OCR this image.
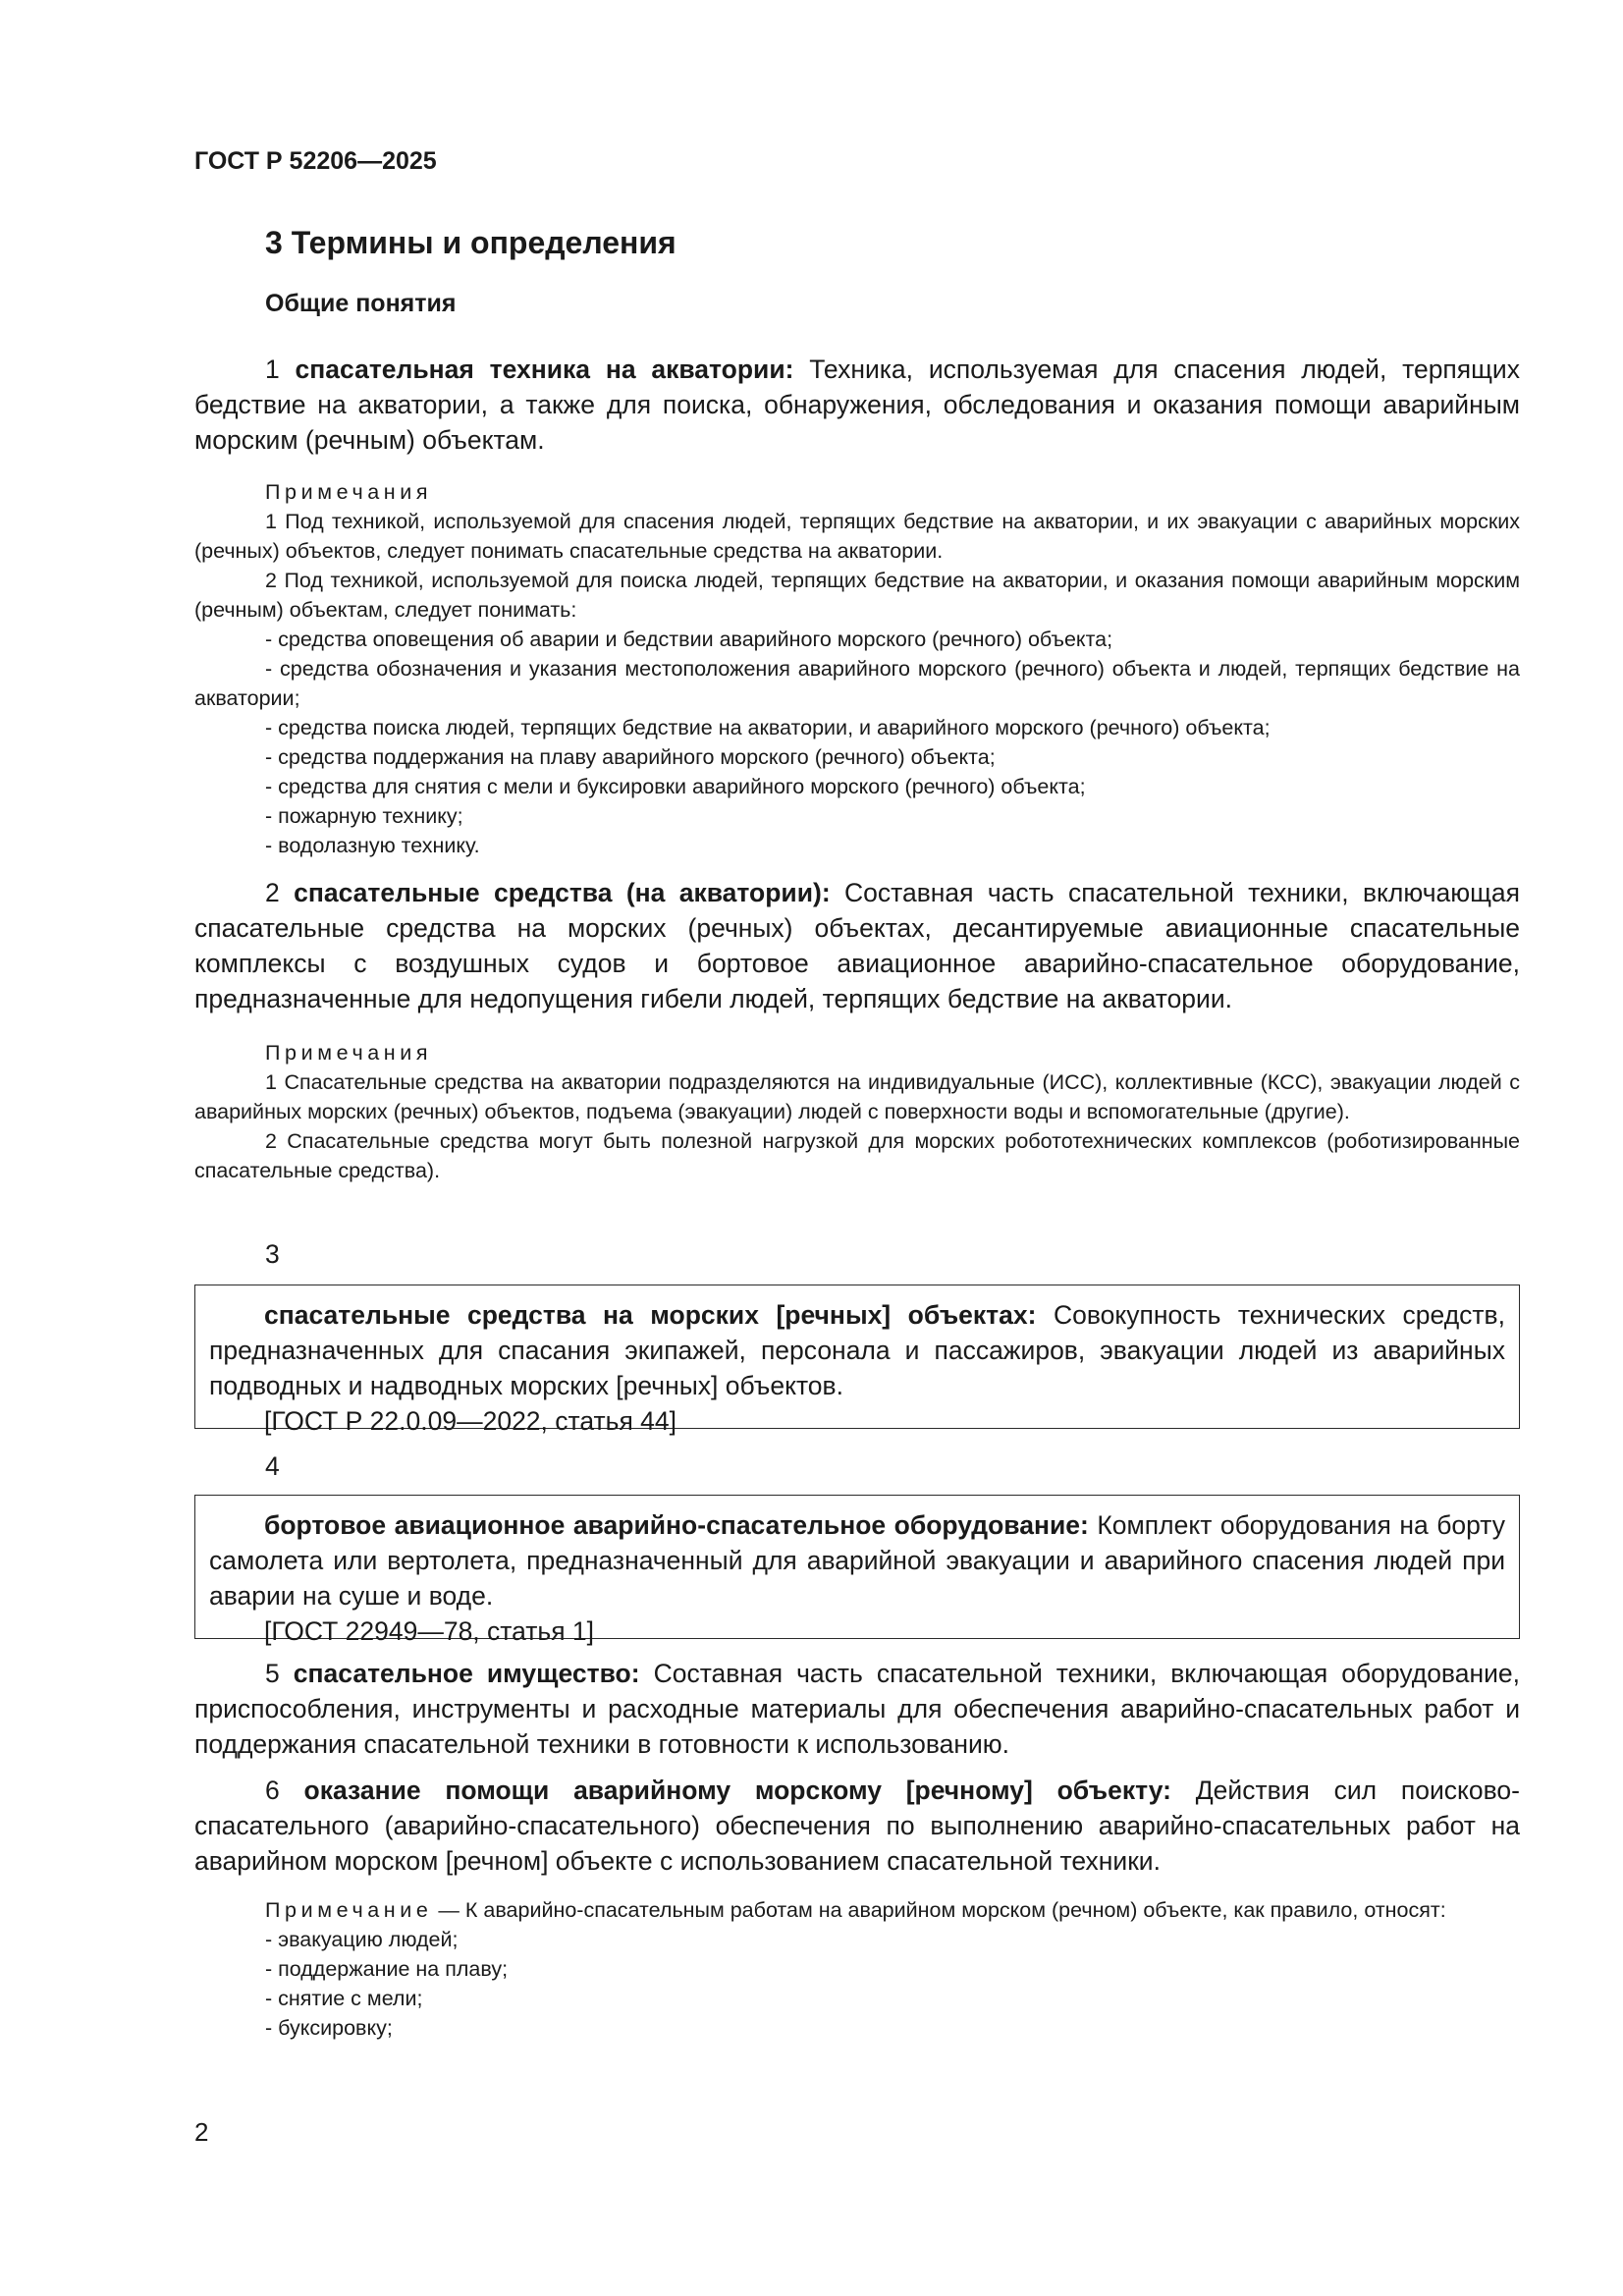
ГОСТ Р 52206—2025
3 Термины и определения
Общие понятия

1 спасательная техника на акватории: Техника, используемая для спасения людей, терпящих бедствие на акватории, а также для поиска, обнаружения, обследования и оказания помощи аварийным морским (речным) объектам.

Примечания

1 Под техникой, используемой для спасения людей, терпящих бедствие на акватории, и их эвакуации с аварийных морских (речных) объектов, следует понимать спасательные средства на акватории.

2 Под техникой, используемой для поиска людей, терпящих бедствие на акватории, и оказания помощи аварийным морским (речным) объектам, следует понимать:

- средства оповещения об аварии и бедствии аварийного морского (речного) объекта;

- средства обозначения и указания местоположения аварийного морского (речного) объекта и людей, терпящих бедствие на акватории;

- средства поиска людей, терпящих бедствие на акватории, и аварийного морского (речного) объекта;

- средства поддержания на плаву аварийного морского (речного) объекта;

- средства для снятия с мели и буксировки аварийного морского (речного) объекта;

- пожарную технику;

- водолазную технику.

2 спасательные средства (на акватории): Составная часть спасательной техники, включающая спасательные средства на морских (речных) объектах, десантируемые авиационные спасательные комплексы с воздушных судов и бортовое авиационное аварийно-спасательное оборудование, предназначенные для недопущения гибели людей, терпящих бедствие на акватории.

Примечания

1 Спасательные средства на акватории подразделяются на индивидуальные (ИСС), коллективные (КСС), эвакуации людей с аварийных морских (речных) объектов, подъема (эвакуации) людей с поверхности воды и вспомогательные (другие).

2 Спасательные средства могут быть полезной нагрузкой для морских робототехнических комплексов (роботизированные спасательные средства).

3

спасательные средства на морских [речных] объектах: Совокупность технических средств, предназначенных для спасания экипажей, персонала и пассажиров, эвакуации людей из аварийных подводных и надводных морских [речных] объектов.

[ГОСТ Р 22.0.09—2022, статья 44]

4

бортовое авиационное аварийно-спасательное оборудование: Комплект оборудования на борту самолета или вертолета, предназначенный для аварийной эвакуации и аварийного спасения людей при аварии на суше и воде.

[ГОСТ 22949—78, статья 1]

5 спасательное имущество: Составная часть спасательной техники, включающая оборудование, приспособления, инструменты и расходные материалы для обеспечения аварийно-спасательных работ и поддержания спасательной техники в готовности к использованию.

6 оказание помощи аварийному морскому [речному] объекту: Действия сил поисково-спасательного (аварийно-спасательного) обеспечения по выполнению аварийно-спасательных работ на аварийном морском [речном] объекте с использованием спасательной техники.

Примечание — К аварийно-спасательным работам на аварийном морском (речном) объекте, как правило, относят:

- эвакуацию людей;

- поддержание на плаву;

- снятие с мели;

- буксировку;

2
